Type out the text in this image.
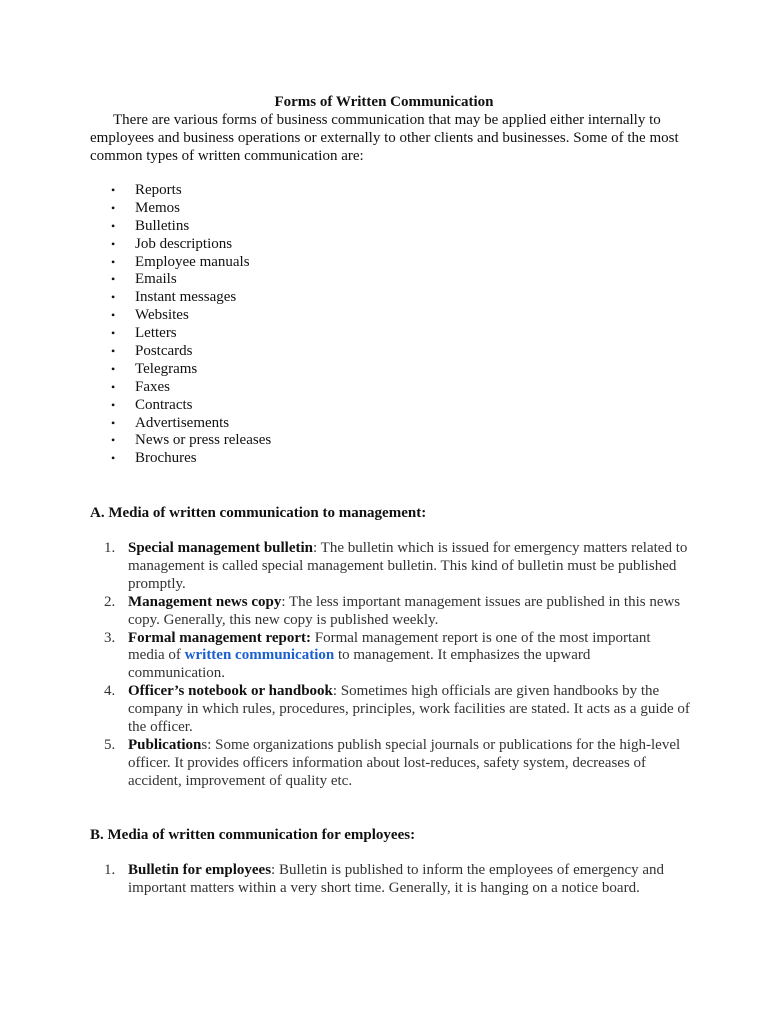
Forms of Written Communication

There are various forms of business communication that may be applied either internally to employees and business operations or externally to other clients and businesses. Some of the most common types of written communication are:

• Reports
• Memos
• Bulletins
• Job descriptions
• Employee manuals
• Emails
• Instant messages
• Websites
• Letters
• Postcards
• Telegrams
• Faxes
• Contracts
• Advertisements
• News or press releases
• Brochures
A. Media of written communication to management:
1. Special management bulletin: The bulletin which is issued for emergency matters related to management is called special management bulletin. This kind of bulletin must be published promptly.
2. Management news copy: The less important management issues are published in this news copy. Generally, this new copy is published weekly.
3. Formal management report: Formal management report is one of the most important media of written communication to management. It emphasizes the upward communication.
4. Officer’s notebook or handbook: Sometimes high officials are given handbooks by the company in which rules, procedures, principles, work facilities are stated. It acts as a guide of the officer.
5. Publications: Some organizations publish special journals or publications for the high-level officer. It provides officers information about lost-reduces, safety system, decreases of accident, improvement of quality etc.
B. Media of written communication for employees:
1. Bulletin for employees: Bulletin is published to inform the employees of emergency and important matters within a very short time. Generally, it is hanging on a notice board.
